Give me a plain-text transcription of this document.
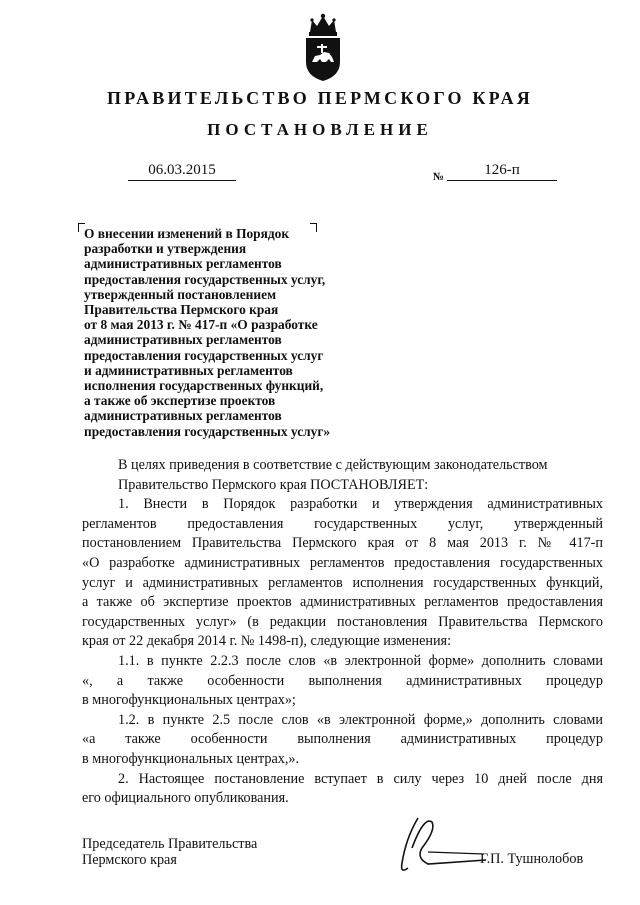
ПРАВИТЕЛЬСТВО ПЕРМСКОГО КРАЯ
ПОСТАНОВЛЕНИЕ
06.03.2015	№	126-п
О внесении изменений в Порядок
разработки и утверждения
административных регламентов
предоставления государственных услуг,
утвержденный постановлением
Правительства Пермского края
от 8 мая 2013 г. № 417-п «О разработке
административных регламентов
предоставления государственных услуг
и административных регламентов
исполнения государственных функций,
а также об экспертизе проектов
административных регламентов
предоставления государственных услуг»
В целях приведения в соответствие с действующим законодательством
Правительство Пермского края ПОСТАНОВЛЯЕТ:
1. Внести в Порядок разработки и утверждения административных
регламентов предоставления государственных услуг, утвержденный
постановлением Правительства Пермского края от 8 мая 2013 г. № 417-п
«О разработке административных регламентов предоставления государственных
услуг и административных регламентов исполнения государственных функций,
а также об экспертизе проектов административных регламентов предоставления
государственных услуг» (в редакции постановления Правительства Пермского
края от 22 декабря 2014 г. № 1498-п), следующие изменения:
1.1. в пункте 2.2.3 после слов «в электронной форме» дополнить словами
«, а также особенности выполнения административных процедур
в многофункциональных центрах»;
1.2. в пункте 2.5 после слов «в электронной форме,» дополнить словами
«а также особенности выполнения административных процедур
в многофункциональных центрах,».
2. Настоящее постановление вступает в силу через 10 дней после дня
его официального опубликования.
Председатель Правительства
Пермского края	Г.П. Тушнолобов
